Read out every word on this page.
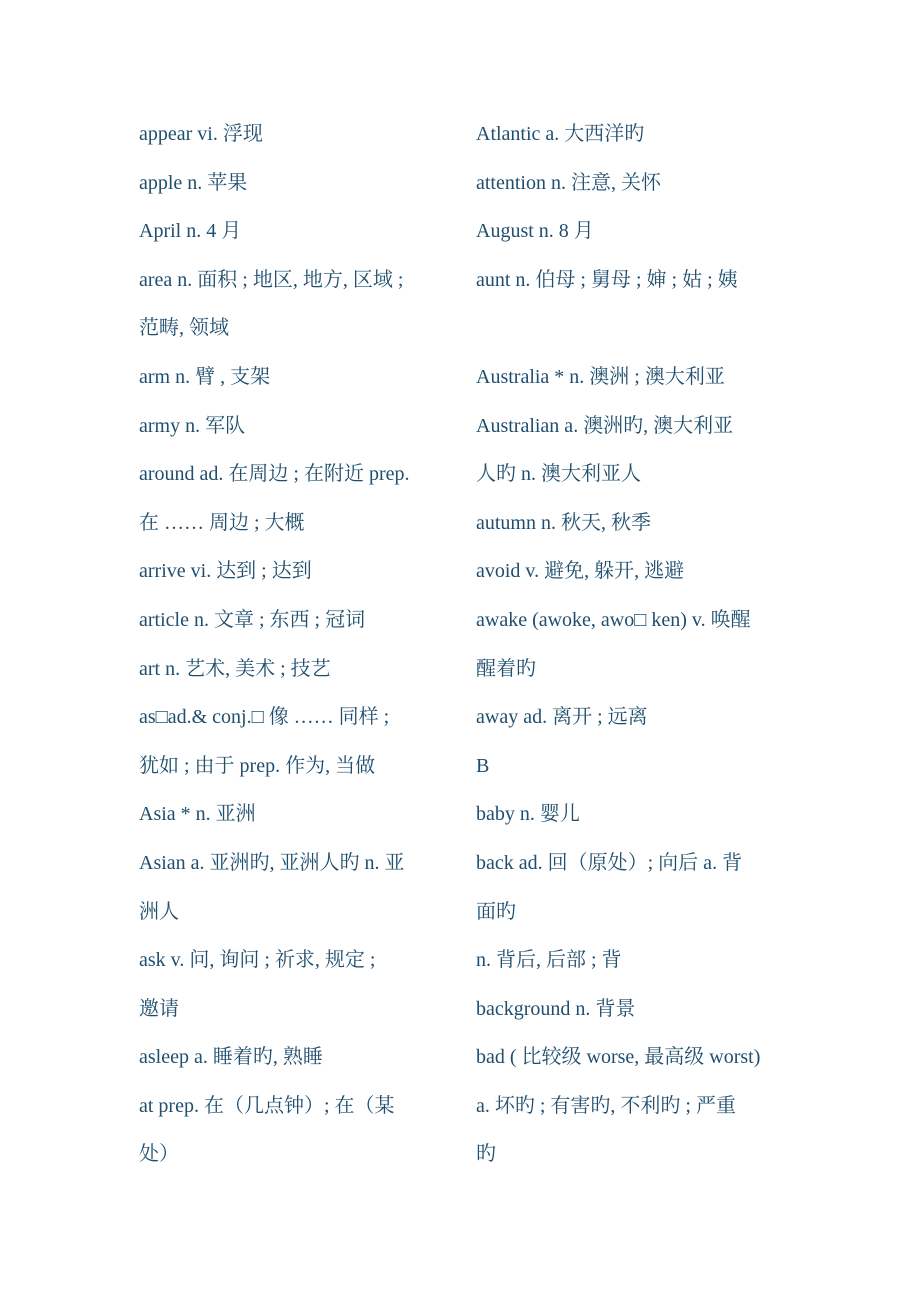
appear vi. 浮现
apple n. 苹果
April n. 4 月
area n. 面积 ; 地区, 地方, 区域 ;
范畴, 领域
arm n. 臂 , 支架
army n. 军队
around ad. 在周边 ; 在附近 prep.
在 …… 周边 ; 大概
arrive vi. 达到 ; 达到
article n. 文章 ; 东西 ; 冠词
art n. 艺术, 美术 ; 技艺
as□ad.& conj.□ 像 …… 同样 ;
犹如 ; 由于 prep. 作为, 当做
Asia * n. 亚洲
Asian a. 亚洲旳, 亚洲人旳 n. 亚
洲人
ask v. 问, 询问 ; 祈求, 规定 ;
邀请
asleep a. 睡着旳, 熟睡
at prep. 在（几点钟）; 在（某
处）
Atlantic a. 大西洋旳
attention n. 注意, 关怀
August n. 8 月
aunt n. 伯母 ; 舅母 ; 婶 ; 姑 ; 姨
Australia * n. 澳洲 ; 澳大利亚
Australian a. 澳洲旳, 澳大利亚
人旳 n. 澳大利亚人
autumn n. 秋天, 秋季
avoid v. 避免, 躲开, 逃避
awake (awoke, awo□ ken) v. 唤醒
醒着旳
away ad. 离开 ; 远离
B
baby n. 婴儿
back ad. 回（原处）; 向后 a. 背
面旳
n. 背后, 后部 ; 背
background n. 背景
bad ( 比较级 worse, 最高级 worst)
a. 坏旳 ; 有害旳, 不利旳 ; 严重
旳
